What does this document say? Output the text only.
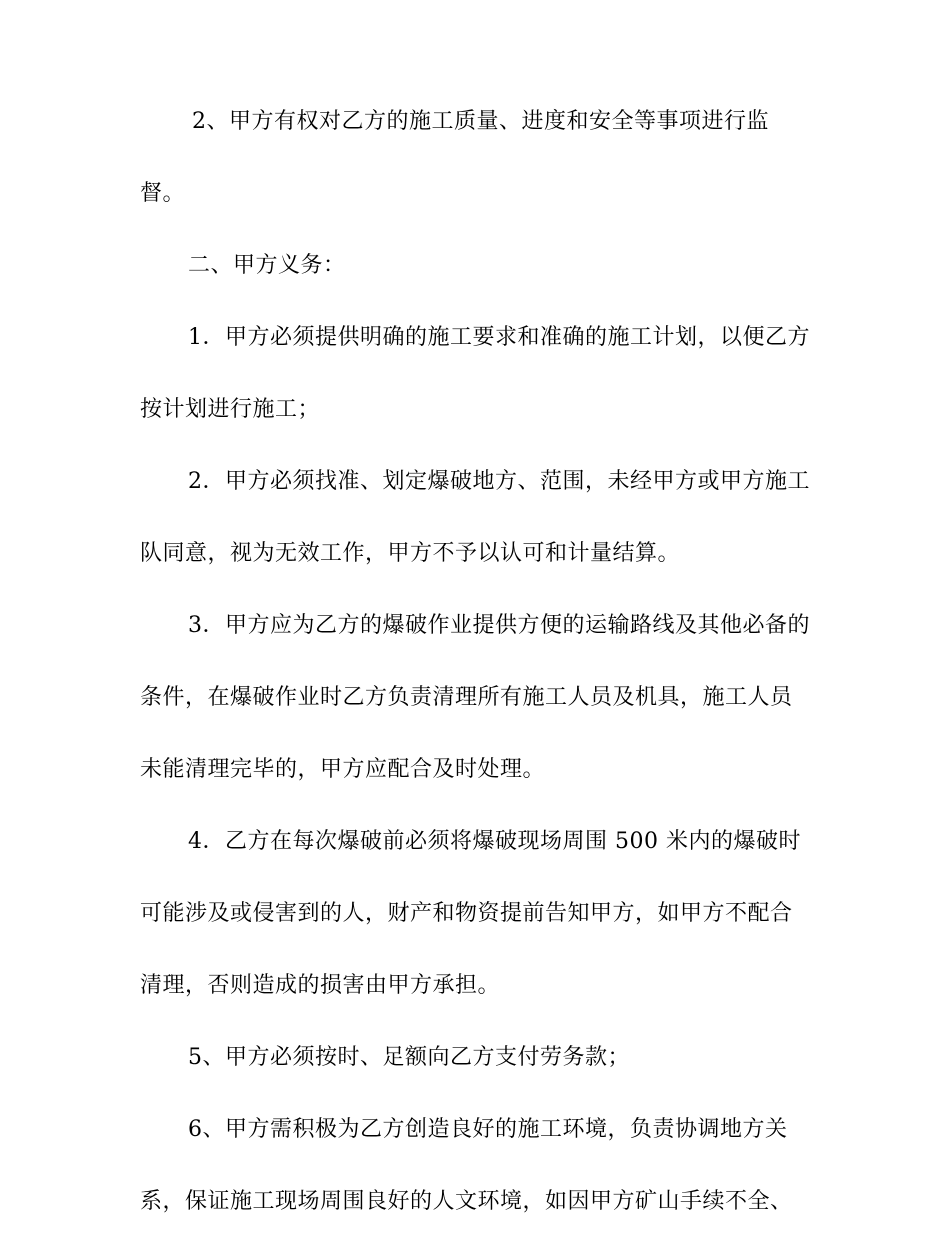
2、甲方有权对乙方的施工质量、进度和安全等事项进行监督。

二、甲方义务：

1．甲方必须提供明确的施工要求和准确的施工计划，以便乙方按计划进行施工；

2．甲方必须找准、划定爆破地方、范围，未经甲方或甲方施工队同意，视为无效工作，甲方不予以认可和计量结算。

3．甲方应为乙方的爆破作业提供方便的运输路线及其他必备的条件，在爆破作业时乙方负责清理所有施工人员及机具，施工人员未能清理完毕的，甲方应配合及时处理。

4．乙方在每次爆破前必须将爆破现场周围 500 米内的爆破时可能涉及或侵害到的人，财产和物资提前告知甲方，如甲方不配合清理，否则造成的损害由甲方承担。

5、甲方必须按时、足额向乙方支付劳务款；

6、甲方需积极为乙方创造良好的施工环境，负责协调地方关系，保证施工现场周围良好的人文环境，如因甲方矿山手续不全、
